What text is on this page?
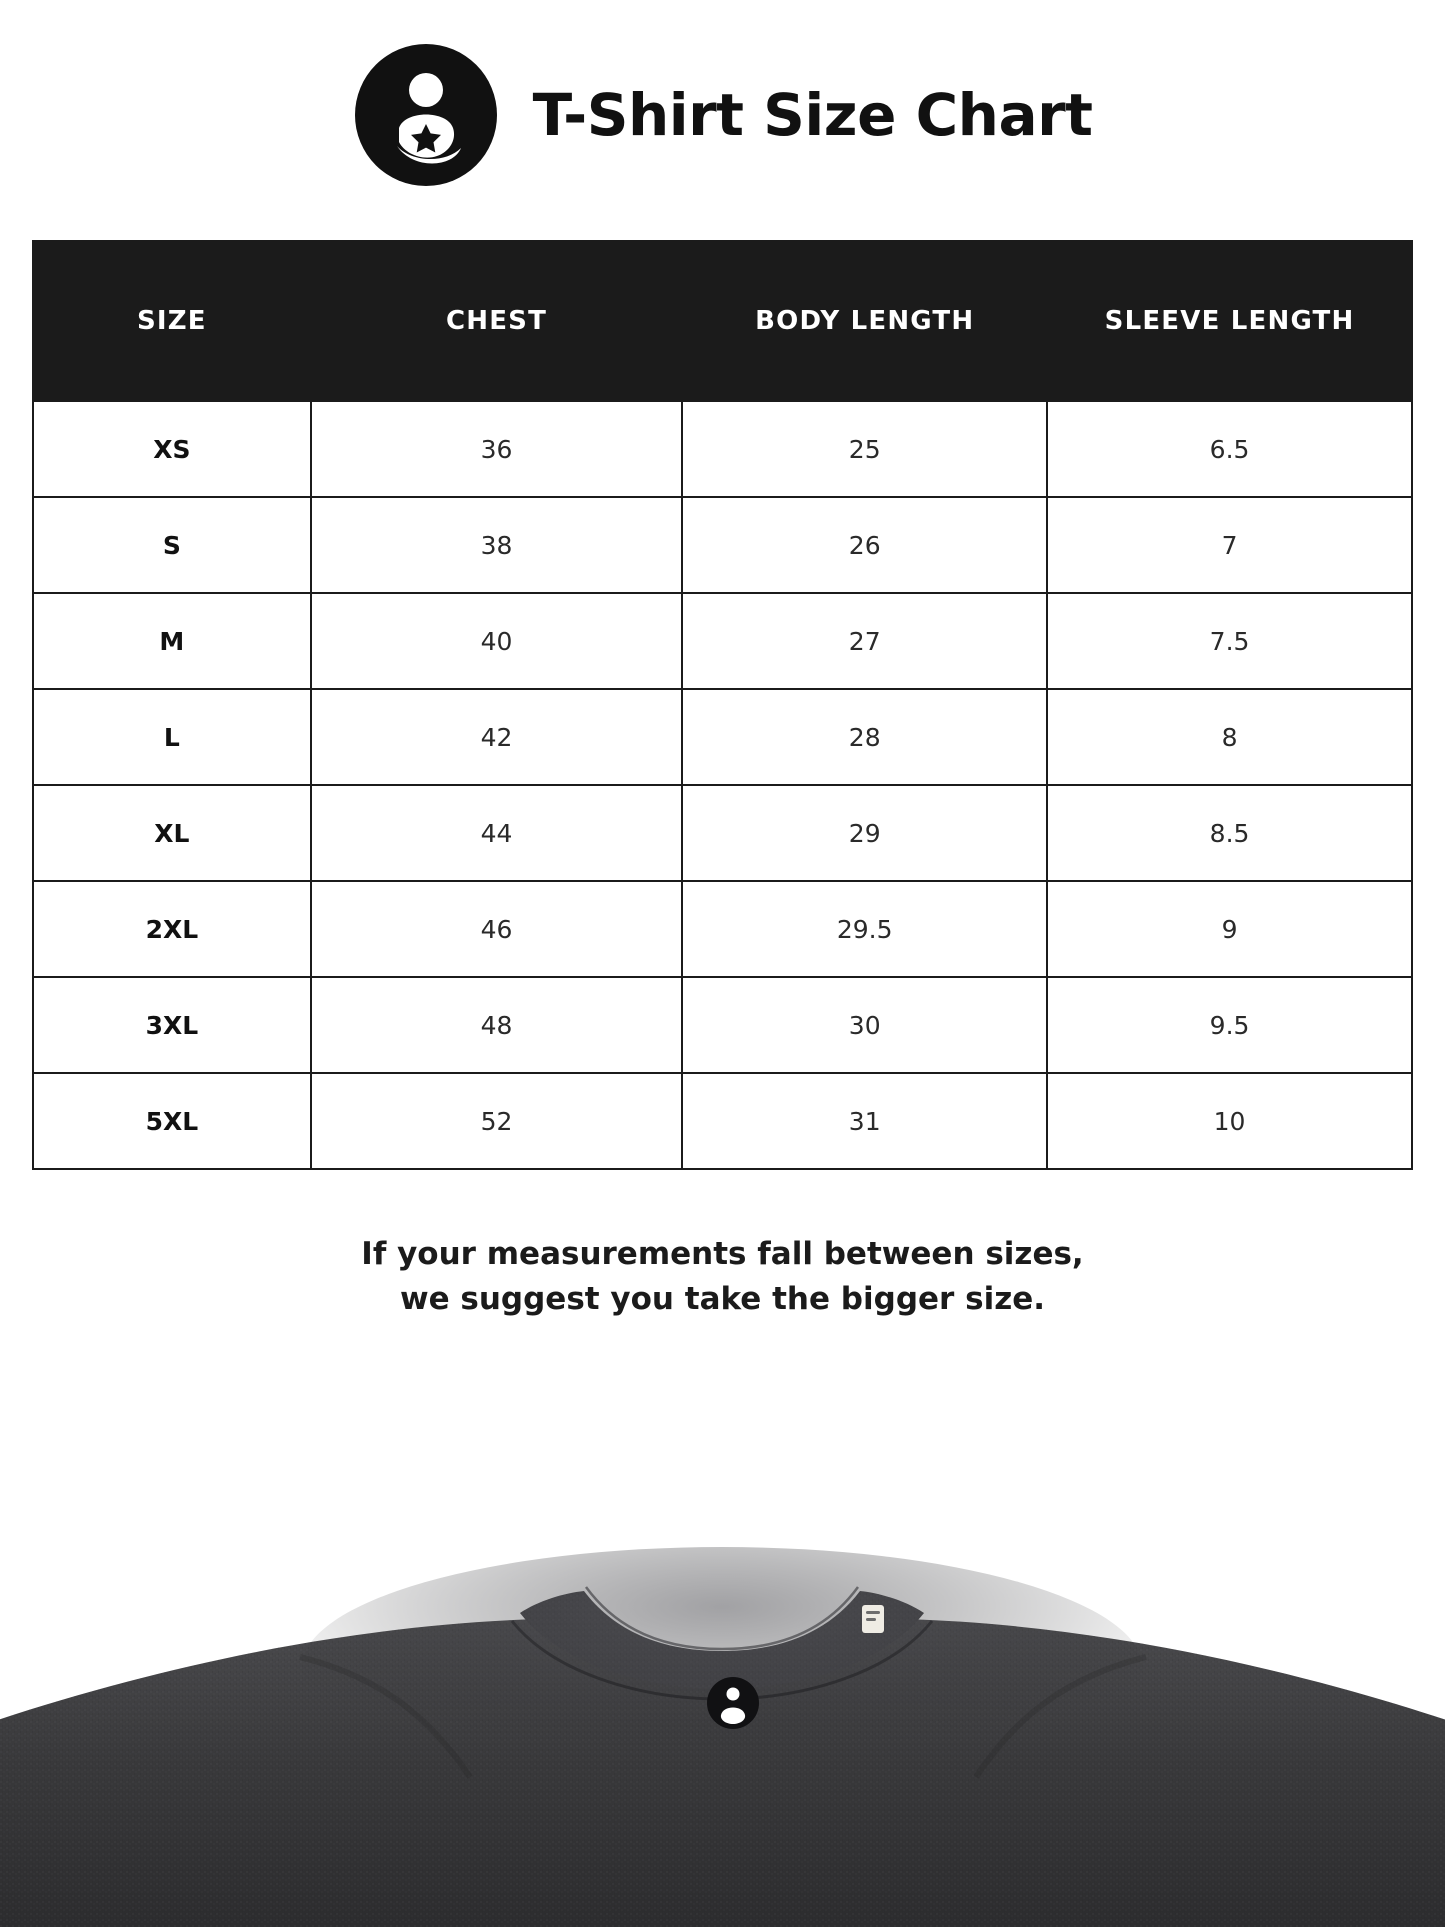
T-Shirt Size Chart
SIZE	CHEST	BODY LENGTH	SLEEVE LENGTH
XS	36	25	6.5
S	38	26	7
M	40	27	7.5
L	42	28	8
XL	44	29	8.5
2XL	46	29.5	9
3XL	48	30	9.5
5XL	52	31	10
If your measurements fall between sizes,
we suggest you take the bigger size.
